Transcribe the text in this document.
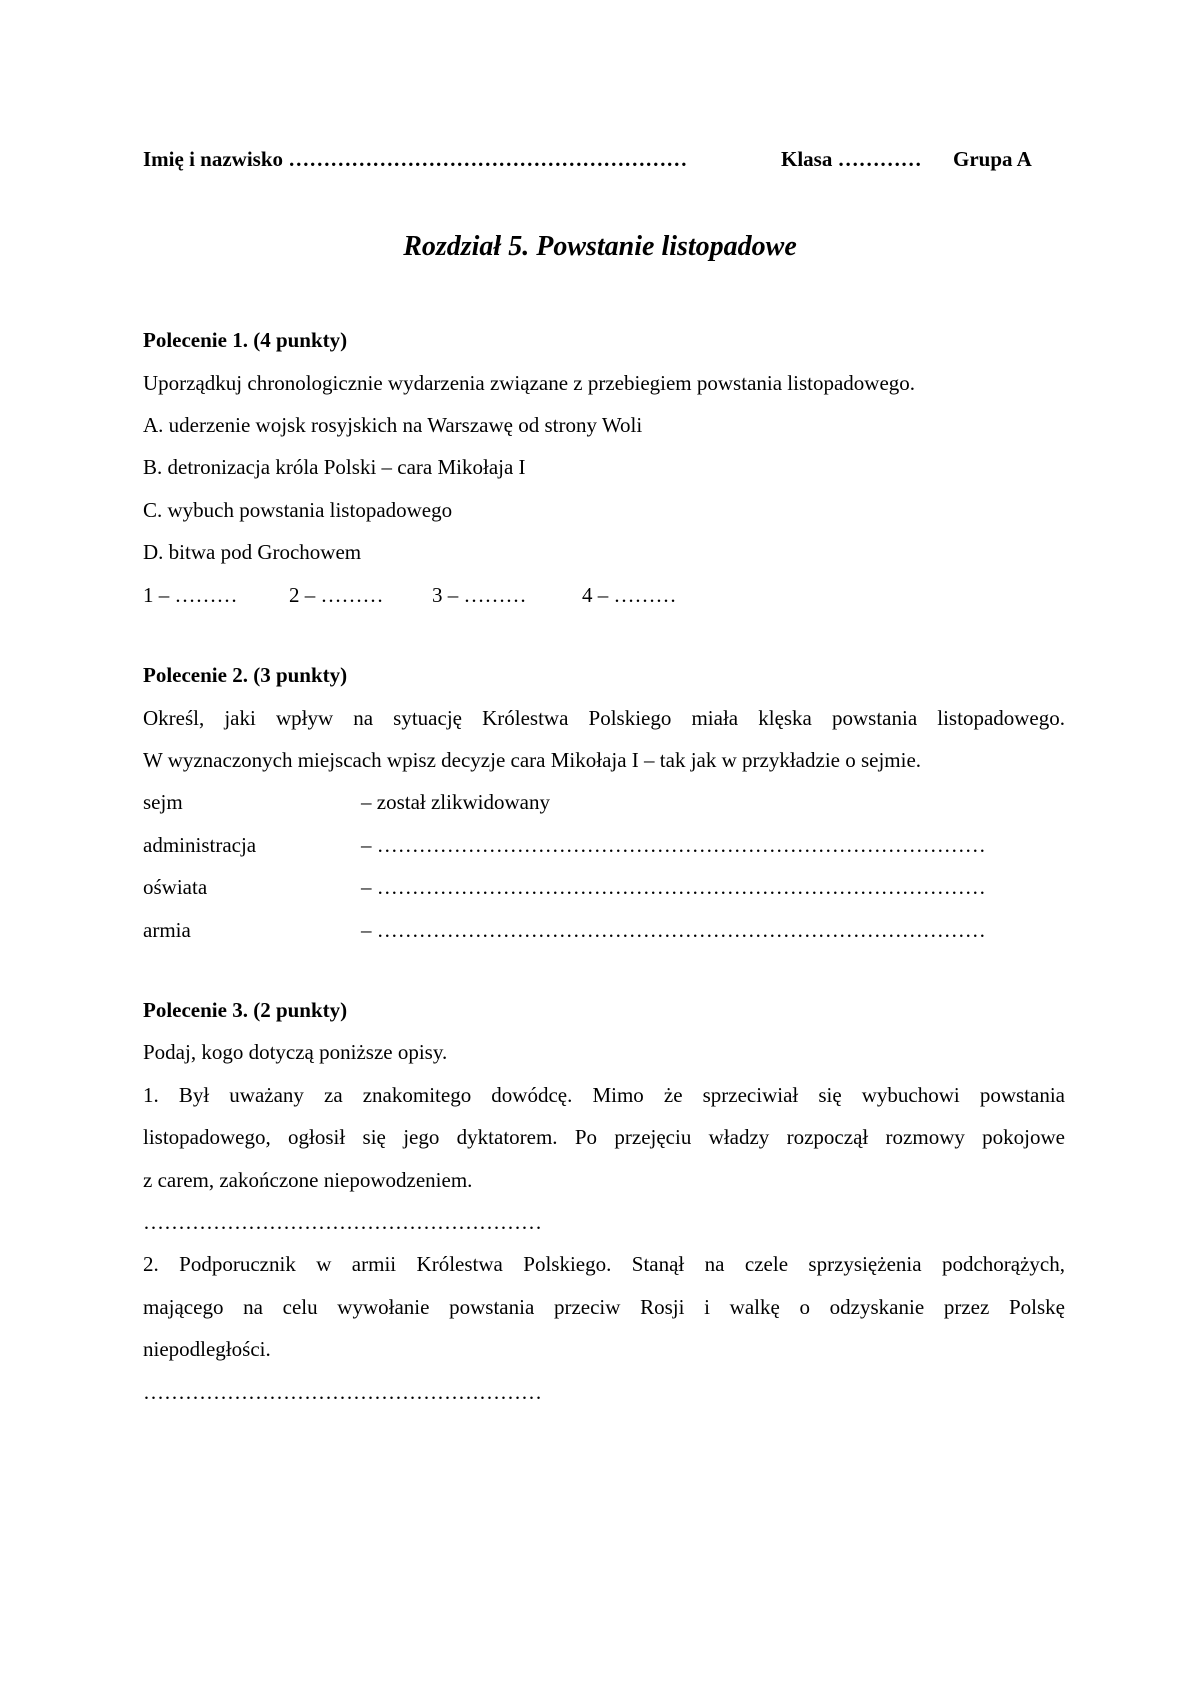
Imię i nazwisko …………………………………………………	Klasa ………… Grupa A
Rozdział 5. Powstanie listopadowe
Polecenie 1. (4 punkty)
Uporządkuj chronologicznie wydarzenia związane z przebiegiem powstania listopadowego.
A. uderzenie wojsk rosyjskich na Warszawę od strony Woli
B. detronizacja króla Polski – cara Mikołaja I
C. wybuch powstania listopadowego
D. bitwa pod Grochowem
1 – ……… 2 – ……… 3 – ………	4 – ………
Polecenie 2. (3 punkty)
Określ, jaki wpływ na sytuację Królestwa Polskiego miała klęska powstania listopadowego.
W wyznaczonych miejscach wpisz decyzje cara Mikołaja I – tak jak w przykładzie o sejmie.
sejm	– został zlikwidowany
administracja	– ……………………………………………………………………………
oświata	– ……………………………………………………………………………
armia	– ……………………………………………………………………………
Polecenie 3. (2 punkty)
Podaj, kogo dotyczą poniższe opisy.
1. Był uważany za znakomitego dowódcę. Mimo że sprzeciwiał się wybuchowi powstania
listopadowego, ogłosił się jego dyktatorem. Po przejęciu władzy rozpoczął rozmowy pokojowe
z carem, zakończone niepowodzeniem.
…………………………………………………
2. Podporucznik w armii Królestwa Polskiego. Stanął na czele sprzysiężenia podchorążych,
mającego na celu wywołanie powstania przeciw Rosji i walkę o odzyskanie przez Polskę
niepodległości.
…………………………………………………
